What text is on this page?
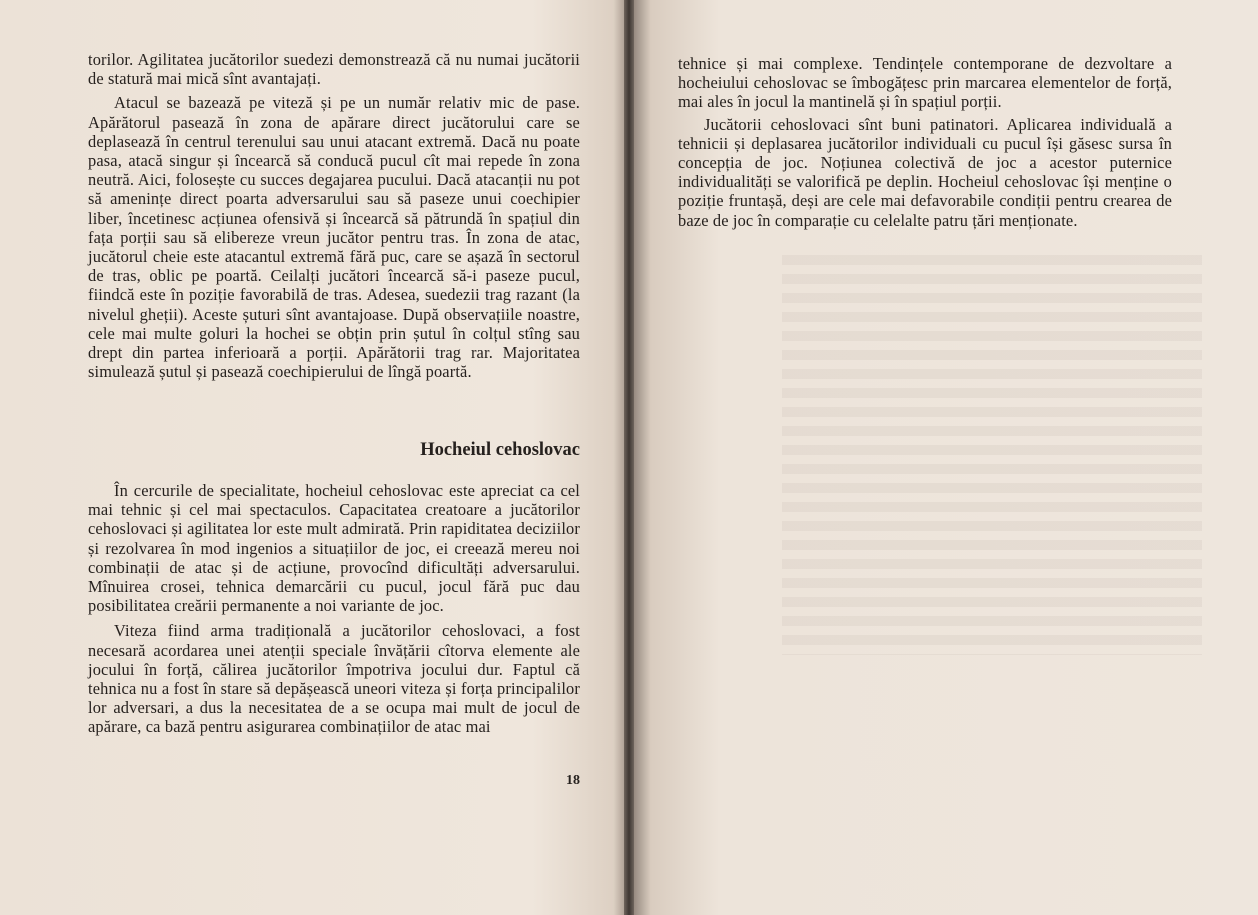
torilor. Agilitatea jucătorilor suedezi demonstrează că nu numai jucătorii de statură mai mică sînt avantajați.

Atacul se bazează pe viteză și pe un număr relativ mic de pase. Apărătorul pasează în zona de apărare direct jucătorului care se deplasează în centrul terenului sau unui atacant extremă. Dacă nu poate pasa, atacă singur și încearcă să conducă pucul cît mai repede în zona neutră. Aici, folosește cu succes degajarea pucului. Dacă atacanții nu pot să amenințe direct poarta adversarului sau să paseze unui coechipier liber, încetinesc acțiunea ofensivă și încearcă să pătrundă în spațiul din fața porții sau să elibereze vreun jucător pentru tras. În zona de atac, jucătorul cheie este atacantul extremă fără puc, care se așază în sectorul de tras, oblic pe poartă. Ceilalți jucători încearcă să-i paseze pucul, fiindcă este în poziție favorabilă de tras. Adesea, suedezii trag razant (la nivelul gheții). Aceste șuturi sînt avantajoase. După observațiile noastre, cele mai multe goluri la hochei se obțin prin șutul în colțul stîng sau drept din partea inferioară a porții. Apărătorii trag rar. Majoritatea simulează șutul și pasează coechipierului de lîngă poartă.

Hocheiul cehoslovac

În cercurile de specialitate, hocheiul cehoslovac este apreciat ca cel mai tehnic și cel mai spectaculos. Capacitatea creatoare a jucătorilor cehoslovaci și agilitatea lor este mult admirată. Prin rapiditatea deciziilor și rezolvarea în mod ingenios a situațiilor de joc, ei creează mereu noi combinații de atac și de acțiune, provocînd dificultăți adversarului. Mînuirea crosei, tehnica demarcării cu pucul, jocul fără puc dau posibilitatea creării permanente a noi variante de joc.

Viteza fiind arma tradițională a jucătorilor cehoslovaci, a fost necesară acordarea unei atenții speciale învățării cîtorva elemente ale jocului în forță, călirea jucătorilor împotriva jocului dur. Faptul că tehnica nu a fost în stare să depășească uneori viteza și forța principalilor lor adversari, a dus la necesitatea de a se ocupa mai mult de jocul de apărare, ca bază pentru asigurarea combinațiilor de atac mai

18

tehnice și mai complexe. Tendințele contemporane de dezvoltare a hocheiului cehoslovac se îmbogățesc prin marcarea elementelor de forță, mai ales în jocul la mantinelă și în spațiul porții.

Jucătorii cehoslovaci sînt buni patinatori. Aplicarea individuală a tehnicii și deplasarea jucătorilor individuali cu pucul își găsesc sursa în concepția de joc. Noțiunea colectivă de joc a acestor puternice individualități se valorifică pe deplin. Hocheiul cehoslovac își menține o poziție fruntașă, deși are cele mai defavorabile condiții pentru crearea de baze de joc în comparație cu celelalte patru țări menționate.
